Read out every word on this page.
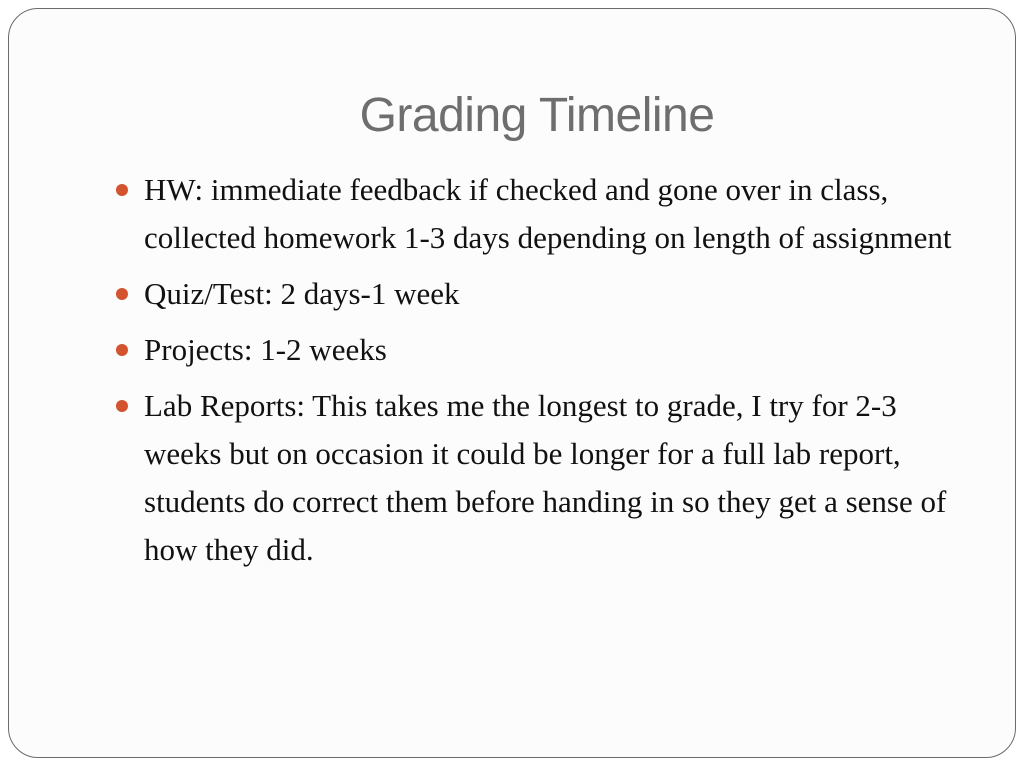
Grading Timeline
HW: immediate feedback if checked and gone over in class, collected homework 1-3 days depending on length of assignment
Quiz/Test: 2 days-1 week
Projects: 1-2 weeks
Lab Reports: This takes me the longest to grade, I try for 2-3 weeks but on occasion it could be longer for a full lab report, students do correct them before handing in so they get a sense of how they did.
